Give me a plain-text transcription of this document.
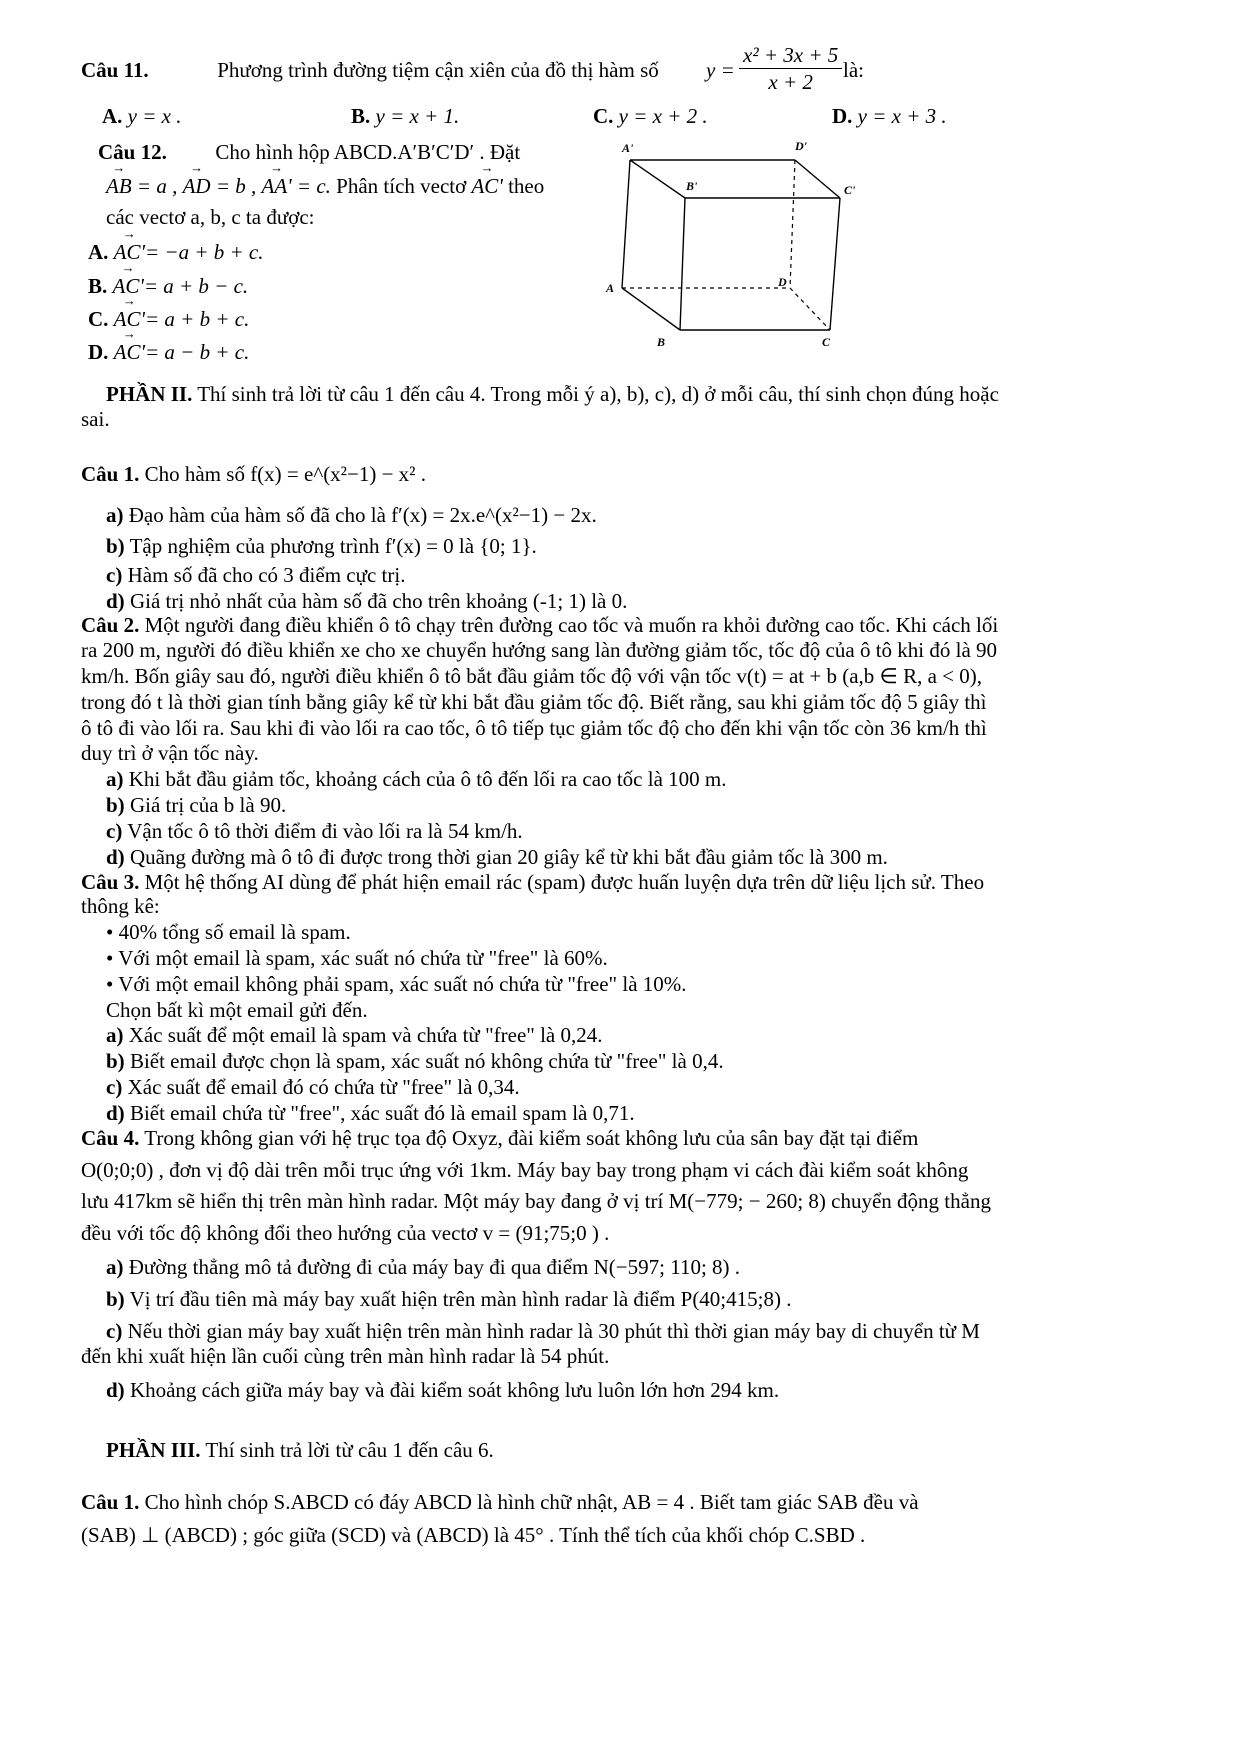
Câu 11.	Phương trình đường tiệm cận xiên của đồ thị hàm số $y = \frac{\text{x² + 3x + 5}}{x + 2}$ là:
A. y = x .	B. y = x + 1.	C. y = x + 2 .	D. y = x + 3 .
Câu 12. Cho hình hộp ABCD.A′B′C′D′ . Đặt
→ AB = a , → AD = b , → AA' = c. Phân tích vectơ → AC' theo
các vectơ a, b, c ta được:
A. → AC'= −a + b + c.
B. → AC'= a + b − c.
C. → AC'= a + b + c.
D. → AC'= a − b + c.
A'	D'
B'	C'
A	D
B	C
PHẦN II. Thí sinh trả lời từ câu 1 đến câu 4. Trong mỗi ý a), b), c), d) ở mỗi câu, thí sinh chọn đúng hoặc
sai.
Câu 1. Cho hàm số f(x) = e^(x²−1) − x² .
a) Đạo hàm của hàm số đã cho là f′(x) = 2x.e^(x²−1) − 2x.
b) Tập nghiệm của phương trình f′(x) = 0 là {0; 1}.
c) Hàm số đã cho có 3 điểm cực trị.
d) Giá trị nhỏ nhất của hàm số đã cho trên khoảng (-1; 1) là 0.
Câu 2. Một người đang điều khiển ô tô chạy trên đường cao tốc và muốn ra khỏi đường cao tốc. Khi cách lối
ra 200 m, người đó điều khiển xe cho xe chuyển hướng sang làn đường giảm tốc, tốc độ của ô tô khi đó là 90
km/h. Bốn giây sau đó, người điều khiển ô tô bắt đầu giảm tốc độ với vận tốc v(t) = at + b (a,b ∈ R, a < 0),
trong đó t là thời gian tính bằng giây kể từ khi bắt đầu giảm tốc độ. Biết rằng, sau khi giảm tốc độ 5 giây thì
ô tô đi vào lối ra. Sau khi đi vào lối ra cao tốc, ô tô tiếp tục giảm tốc độ cho đến khi vận tốc còn 36 km/h thì
duy trì ở vận tốc này.
a) Khi bắt đầu giảm tốc, khoảng cách của ô tô đến lối ra cao tốc là 100 m.
b) Giá trị của b là 90.
c) Vận tốc ô tô thời điểm đi vào lối ra là 54 km/h.
d) Quãng đường mà ô tô đi được trong thời gian 20 giây kể từ khi bắt đầu giảm tốc là 300 m.
Câu 3. Một hệ thống AI dùng để phát hiện email rác (spam) được huấn luyện dựa trên dữ liệu lịch sử. Theo
thông kê:
• 40% tổng số email là spam.
• Với một email là spam, xác suất nó chứa từ "free" là 60%.
• Với một email không phải spam, xác suất nó chứa từ "free" là 10%.
Chọn bất kì một email gửi đến.
a) Xác suất để một email là spam và chứa từ "free" là 0,24.
b) Biết email được chọn là spam, xác suất nó không chứa từ "free" là 0,4.
c) Xác suất để email đó có chứa từ "free" là 0,34.
d) Biết email chứa từ "free", xác suất đó là email spam là 0,71.
Câu 4. Trong không gian với hệ trục tọa độ Oxyz, đài kiểm soát không lưu của sân bay đặt tại điểm
O(0;0;0) , đơn vị độ dài trên mỗi trục ứng với 1km. Máy bay bay trong phạm vi cách đài kiểm soát không
lưu 417km sẽ hiển thị trên màn hình radar. Một máy bay đang ở vị trí M(−779; − 260; 8) chuyển động thẳng
đều với tốc độ không đổi theo hướng của vectơ v = (91;75;0 ) .
a) Đường thẳng mô tả đường đi của máy bay đi qua điểm N(−597; 110; 8) .
b) Vị trí đầu tiên mà máy bay xuất hiện trên màn hình radar là điểm P(40;415;8) .
c) Nếu thời gian máy bay xuất hiện trên màn hình radar là 30 phút thì thời gian máy bay di chuyển từ M
đến khi xuất hiện lần cuối cùng trên màn hình radar là 54 phút.
d) Khoảng cách giữa máy bay và đài kiểm soát không lưu luôn lớn hơn 294 km.
PHẦN III. Thí sinh trả lời từ câu 1 đến câu 6.
Câu 1. Cho hình chóp S.ABCD có đáy ABCD là hình chữ nhật, AB = 4 . Biết tam giác SAB đều và
(SAB) ⊥ (ABCD) ; góc giữa (SCD) và (ABCD) là 45° . Tính thể tích của khối chóp C.SBD .
